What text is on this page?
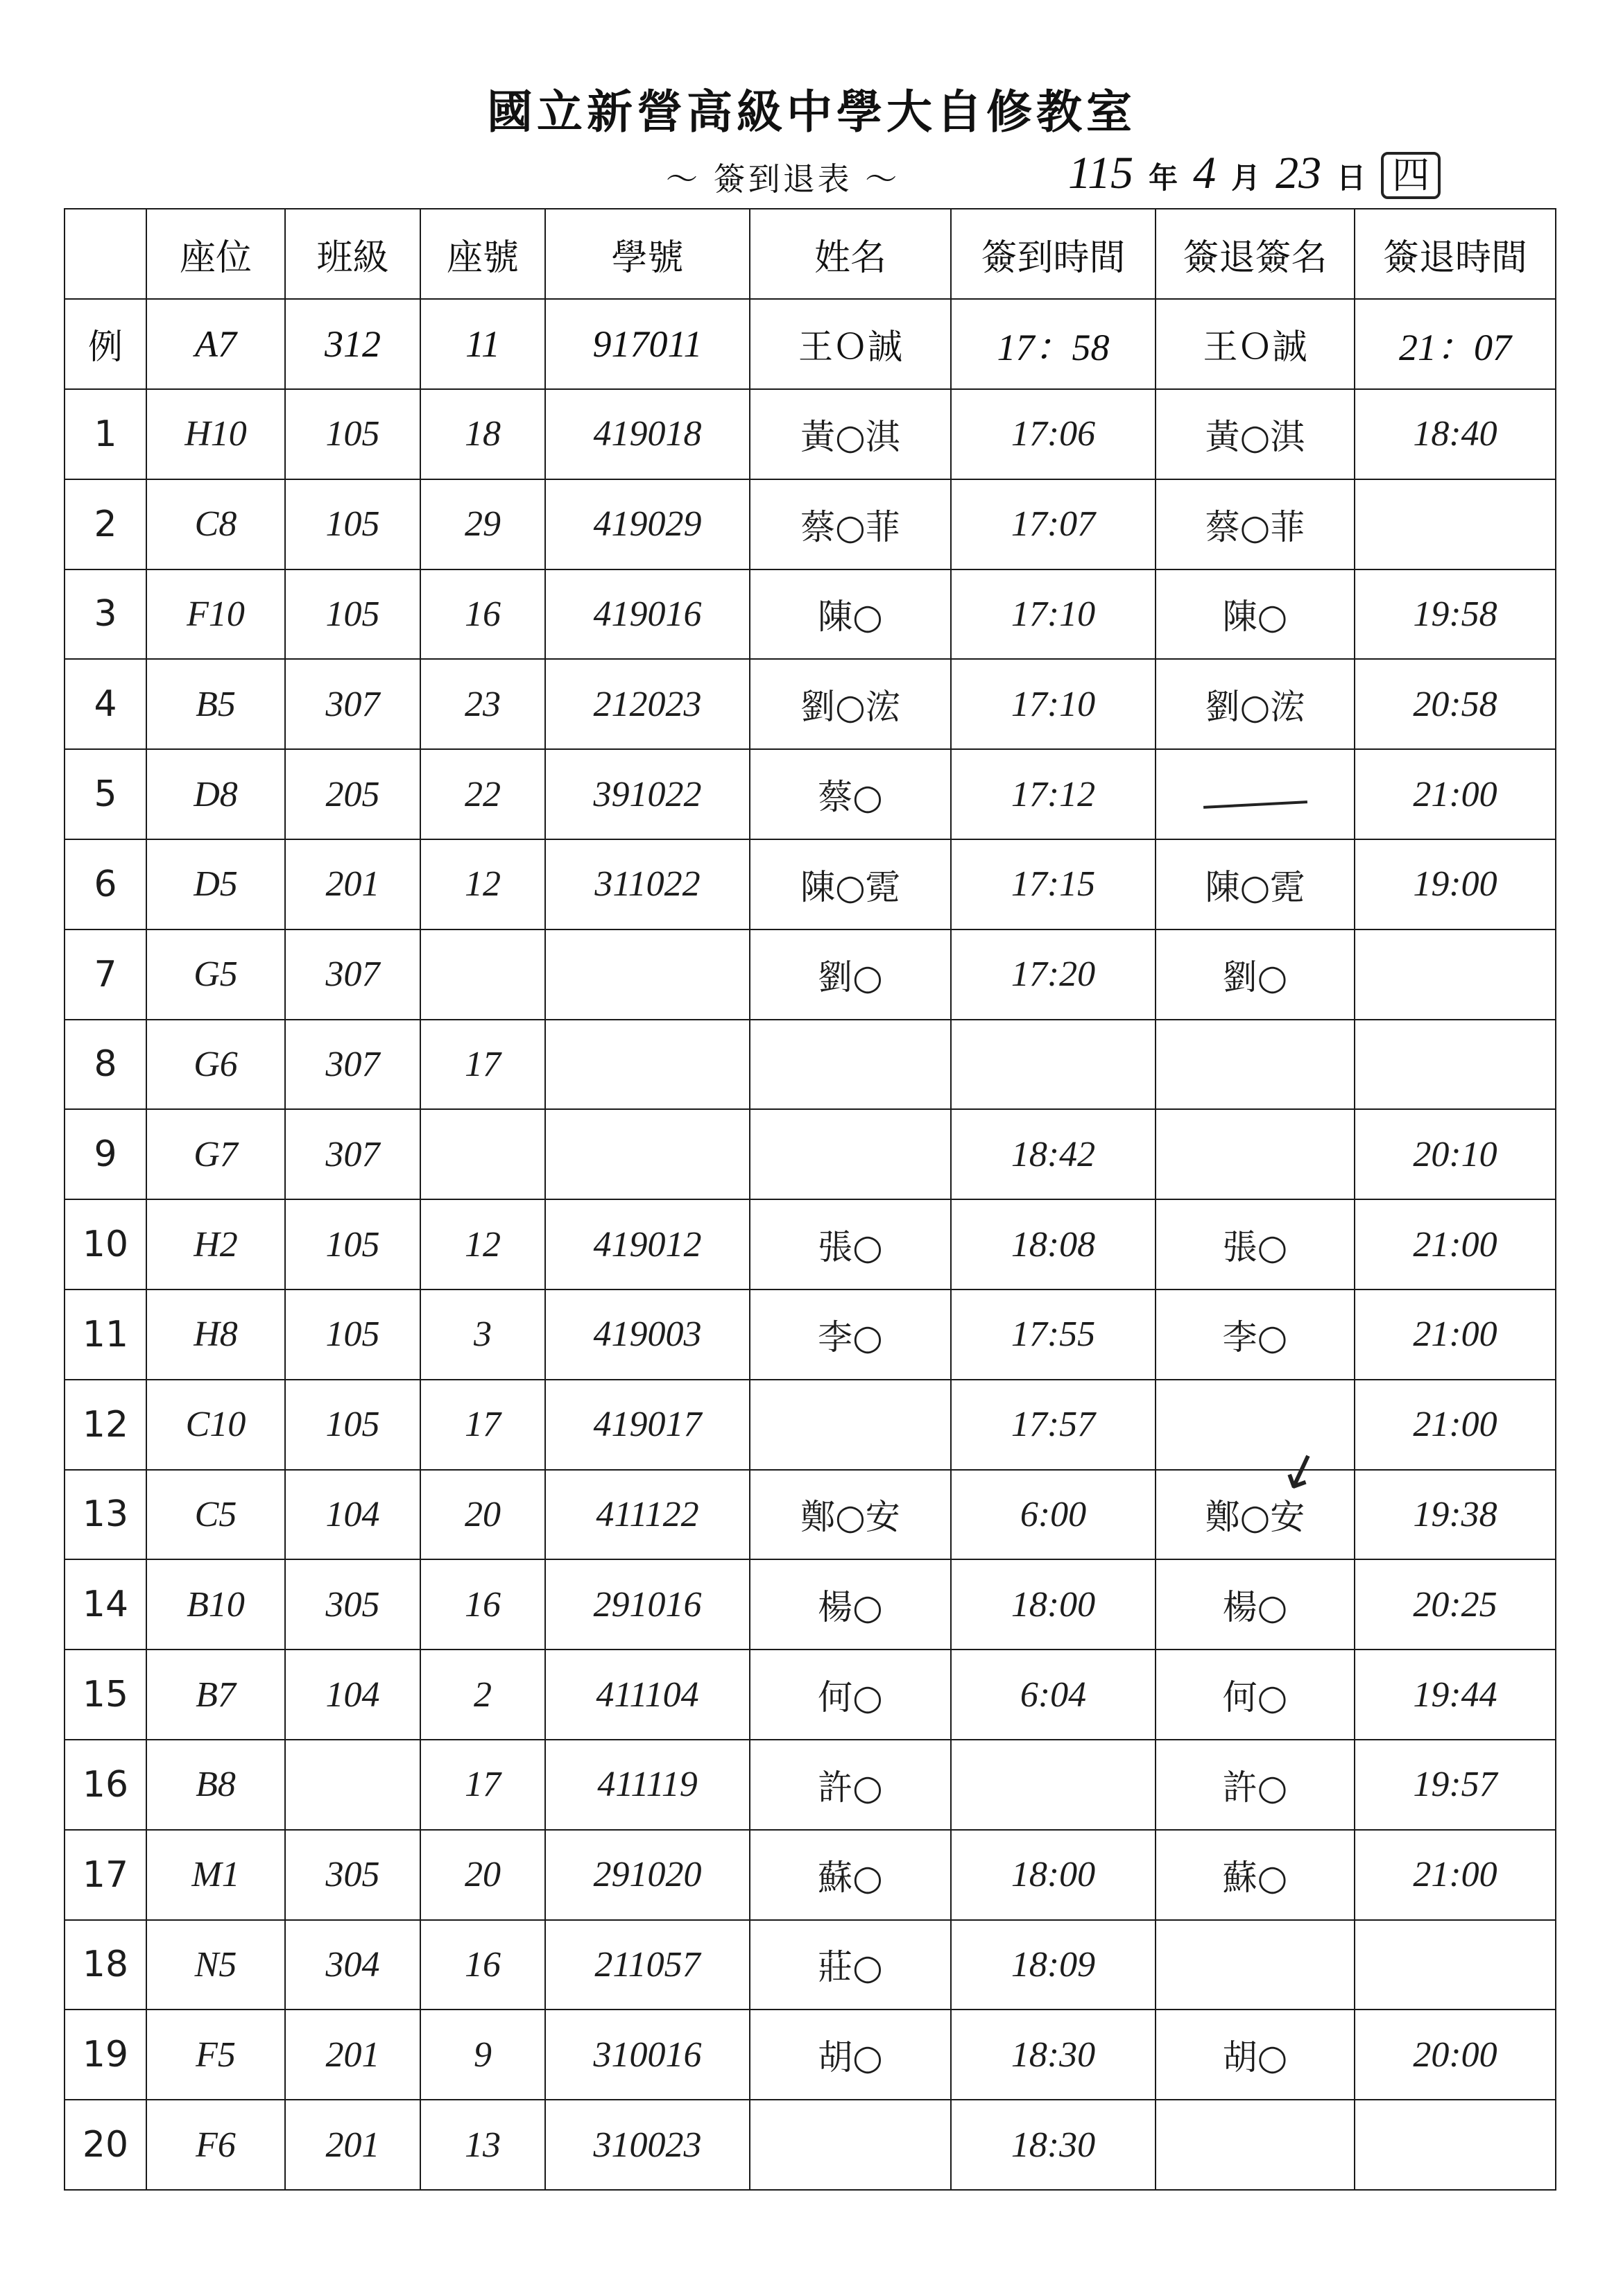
國立新營高級中學大自修教室
～ 簽到退表 ～	115 年 4 月 23 日 四
	座位	班級	座號	學號	姓名	簽到時間	簽退簽名	簽退時間
例	A7	312	11	917011	王Ｏ誠	17：58	王Ｏ誠	21：07
1	H10	105	18	419018	黃○淇	17:06	黃○淇	18:40
2	C8	105	29	419029	蔡○菲	17:07	蔡○菲	
3	F10	105	16	419016	陳○	17:10	陳○	19:58
4	B5	307	23	212023	劉○浤	17:10	劉○浤	20:58
5	D8	205	22	391022	蔡○	17:12		21:00
6	D5	201	12	311022	陳○霓	17:15	陳○霓	19:00
7	G5	307			劉○	17:20	劉○	
8	G6	307	17					
9	G7	307				18:42		20:10
10	H2	105	12	419012	張○	18:08	張○	21:00
11	H8	105	3	419003	李○	17:55	李○	21:00
12	C10	105	17	419017		17:57		21:00
13	C5	104	20	411122	鄭○安	6:00	鄭○安	19:38
14	B10	305	16	291016	楊○	18:00	楊○	20:25
15	B7	104	2	411104	何○	6:04	何○	19:44
16	B8		17	411119	許○		許○	19:57
17	M1	305	20	291020	蘇○	18:00	蘇○	21:00
18	N5	304	16	211057	莊○	18:09		
19	F5	201	9	310016	胡○	18:30	胡○	20:00
20	F6	201	13	310023		18:30		
↙
